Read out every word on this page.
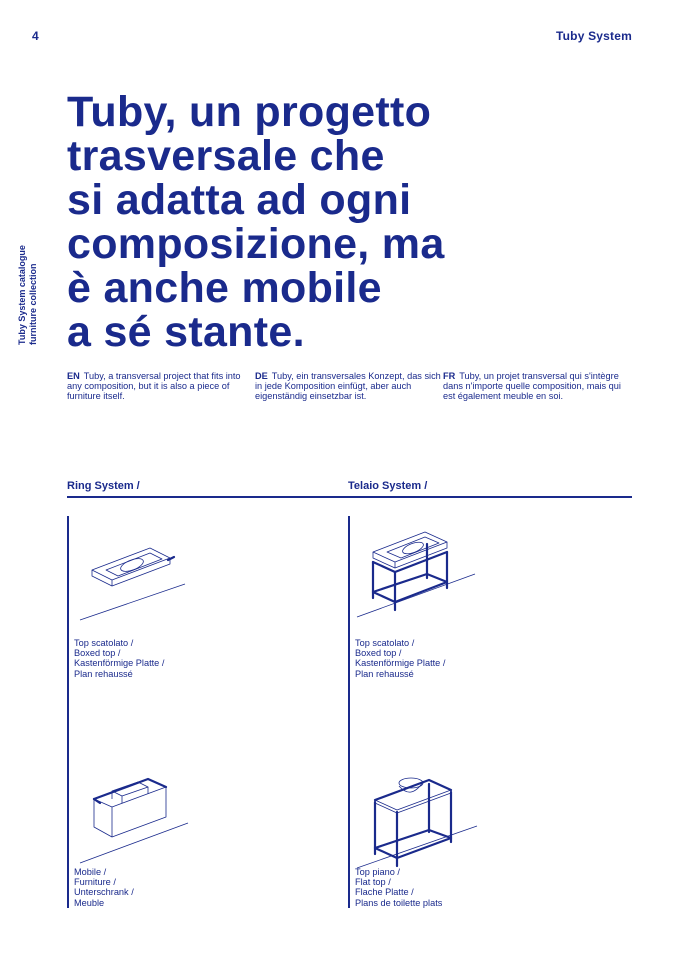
4	Tuby System
Tuby System catalogue furniture collection
Tuby, un progetto
trasversale che
si adatta ad ogni
composizione, ma
è anche mobile
a sé stante.
EN Tuby, a transversal project that fits into any composition, but it is also a piece of furniture itself.
DE Tuby, ein transversales Konzept, das sich in jede Komposition einfügt, aber auch eigenständig einsetzbar ist.
FR Tuby, un projet transversal qui s'intègre dans n'importe quelle composition, mais qui est également meuble en soi.
Ring System /	Telaio System /
Top scatolato /
Boxed top /
Kastenförmige Platte /
Plan rehaussé
Mobile /
Furniture /
Unterschrank /
Meuble
Top scatolato /
Boxed top /
Kastenförmige Platte /
Plan rehaussé
Top piano /
Flat top /
Flache Platte /
Plans de toilette plats
